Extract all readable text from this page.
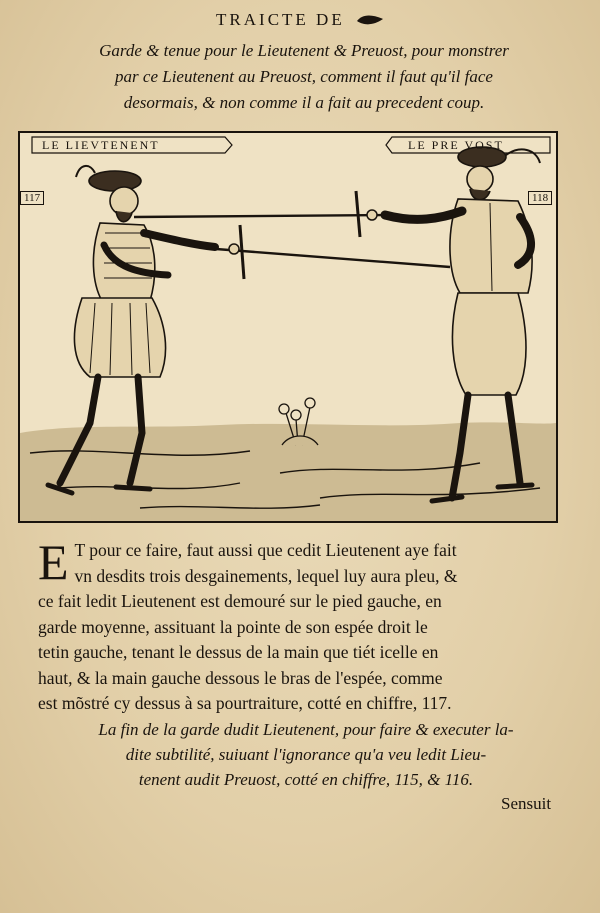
TRAICTE DE
Garde & tenue pour le Lieutenent & Preuost, pour monstrer
par ce Lieutenent au Preuost, comment il faut qu'il face
desormais, & non comme il a fait au precedent coup.
LE LIEVTENENT	LE PRE VOST
117	118
E T pour ce faire, faut aussi que cedit Lieutenent aye fait
vn desdits trois desgainements, lequel luy aura pleu, &
ce fait ledit Lieutenent est demouré sur le pied gauche, en
garde moyenne, assituant la pointe de son espée droit le
tetin gauche, tenant le dessus de la main que tiét icelle en
haut, & la main gauche dessous le bras de l'espée, comme
est mõstré cy dessus à sa pourtraiture, cotté en chiffre, 117.
La fin de la garde dudit Lieutenent, pour faire & executer la-
dite subtilité, suiuant l'ignorance qu'a veu ledit Lieu-
tenent audit Preuost, cotté en chiffre, 115, & 116.
Sensuit
